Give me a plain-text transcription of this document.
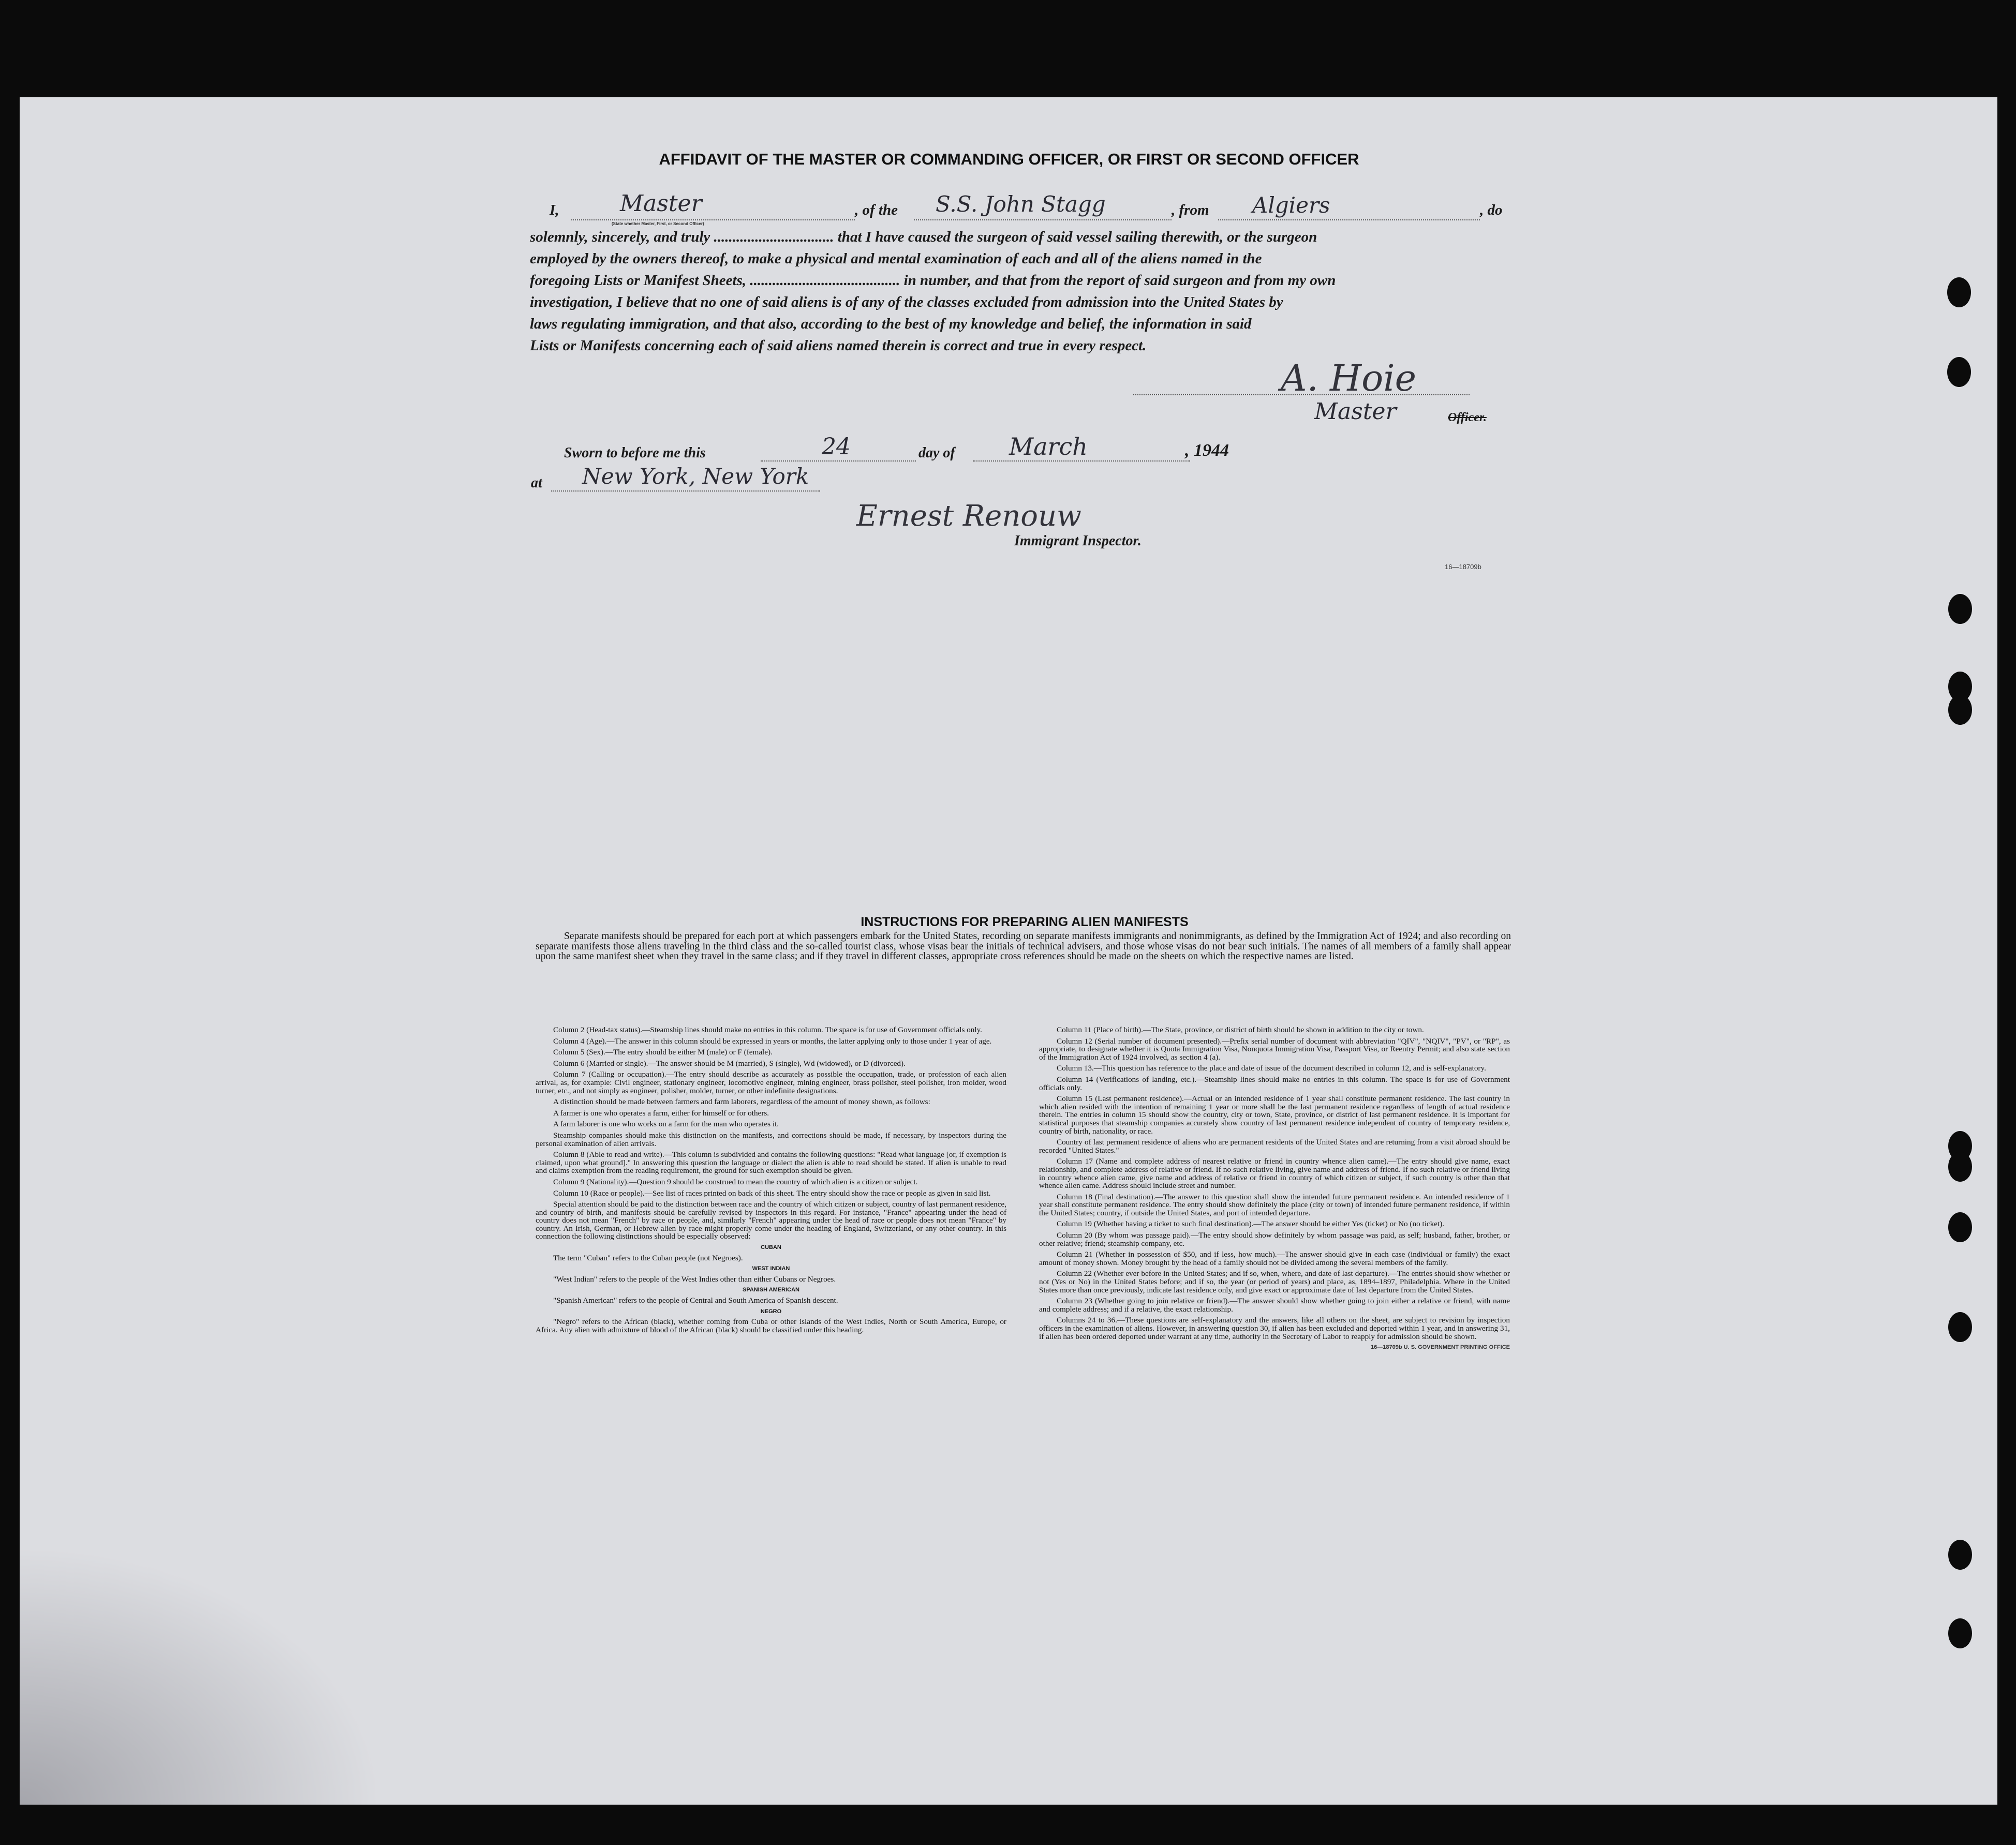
AFFIDAVIT OF THE MASTER OR COMMANDING OFFICER, OR FIRST OR SECOND OFFICER
I,	, of the	, from	, do
Master
(State whether Master, First, or Second Officer)
S.S. John Stagg	Algiers
solemnly, sincerely, and truly ................................ that I have caused the surgeon of said vessel sailing therewith, or the surgeon
employed by the owners thereof, to make a physical and mental examination of each and all of the aliens named in the
foregoing Lists or Manifest Sheets, ........................................ in number, and that from the report of said surgeon and from my own
investigation, I believe that no one of said aliens is of any of the classes excluded from admission into the United States by
laws regulating immigration, and that also, according to the best of my knowledge and belief, the information in said
Lists or Manifests concerning each of said aliens named therein is correct and true in every respect.
A. Hoie
Master	Officer.
Sworn to before me this	24	day of March	, 1944
at New York, New York
Ernest Renouw
Immigrant Inspector.
16—18709b
INSTRUCTIONS FOR PREPARING ALIEN MANIFESTS
Separate manifests should be prepared for each port at which passengers embark for the United States, recording on separate manifests immigrants and nonimmigrants, as defined by the Immigration Act of 1924; and also recording on separate manifests those aliens traveling in the third class and the so-called tourist class, whose visas bear the initials of technical advisers, and those whose visas do not bear such initials. The names of all members of a family shall appear upon the same manifest sheet when they travel in the same class; and if they travel in different classes, appropriate cross references should be made on the sheets on which the respective names are listed.

Column 2 (Head-tax status).—Steamship lines should make no entries in this column. The space is for use of Government officials only.

Column 4 (Age).—The answer in this column should be expressed in years or months, the latter applying only to those under 1 year of age.

Column 5 (Sex).—The entry should be either M (male) or F (female).

Column 6 (Married or single).—The answer should be M (married), S (single), Wd (widowed), or D (divorced).

Column 7 (Calling or occupation).—The entry should describe as accurately as possible the occupation, trade, or profession of each alien arrival, as, for example: Civil engineer, stationary engineer, locomotive engineer, mining engineer, brass polisher, steel polisher, iron molder, wood turner, etc., and not simply as engineer, polisher, molder, turner, or other indefinite designations.

A distinction should be made between farmers and farm laborers, regardless of the amount of money shown, as follows:

A farmer is one who operates a farm, either for himself or for others.

A farm laborer is one who works on a farm for the man who operates it.

Steamship companies should make this distinction on the manifests, and corrections should be made, if necessary, by inspectors during the personal examination of alien arrivals.

Column 8 (Able to read and write).—This column is subdivided and contains the following questions: "Read what language [or, if exemption is claimed, upon what ground]." In answering this question the language or dialect the alien is able to read should be stated. If alien is unable to read and claims exemption from the reading requirement, the ground for such exemption should be given.

Column 9 (Nationality).—Question 9 should be construed to mean the country of which alien is a citizen or subject.

Column 10 (Race or people).—See list of races printed on back of this sheet. The entry should show the race or people as given in said list.

Special attention should be paid to the distinction between race and the country of which citizen or subject, country of last permanent residence, and country of birth, and manifests should be carefully revised by inspectors in this regard. For instance, "France" appearing under the head of country does not mean "French" by race or people, and, similarly "French" appearing under the head of race or people does not mean "France" by country. An Irish, German, or Hebrew alien by race might properly come under the heading of England, Switzerland, or any other country. In this connection the following distinctions should be especially observed:

CUBAN

The term "Cuban" refers to the Cuban people (not Negroes).

WEST INDIAN

"West Indian" refers to the people of the West Indies other than either Cubans or Negroes.

SPANISH AMERICAN

"Spanish American" refers to the people of Central and South America of Spanish descent.

NEGRO

"Negro" refers to the African (black), whether coming from Cuba or other islands of the West Indies, North or South America, Europe, or Africa. Any alien with admixture of blood of the African (black) should be classified under this heading.

Column 11 (Place of birth).—The State, province, or district of birth should be shown in addition to the city or town.

Column 12 (Serial number of document presented).—Prefix serial number of document with abbreviation "QIV", "NQIV", "PV", or "RP", as appropriate, to designate whether it is Quota Immigration Visa, Nonquota Immigration Visa, Passport Visa, or Reentry Permit; and also state section of the Immigration Act of 1924 involved, as section 4 (a).

Column 13.—This question has reference to the place and date of issue of the document described in column 12, and is self-explanatory.

Column 14 (Verifications of landing, etc.).—Steamship lines should make no entries in this column. The space is for use of Government officials only.

Column 15 (Last permanent residence).—Actual or an intended residence of 1 year shall constitute permanent residence. The last country in which alien resided with the intention of remaining 1 year or more shall be the last permanent residence regardless of length of actual residence therein. The entries in column 15 should show the country, city or town, State, province, or district of last permanent residence. It is important for statistical purposes that steamship companies accurately show country of last permanent residence independent of country of temporary residence, country of birth, nationality, or race.

Country of last permanent residence of aliens who are permanent residents of the United States and are returning from a visit abroad should be recorded "United States."

Column 17 (Name and complete address of nearest relative or friend in country whence alien came).—The entry should give name, exact relationship, and complete address of relative or friend. If no such relative living, give name and address of friend. If no such relative or friend living in country whence alien came, give name and address of relative or friend in country of which citizen or subject, if such country is other than that whence alien came. Address should include street and number.

Column 18 (Final destination).—The answer to this question shall show the intended future permanent residence. An intended residence of 1 year shall constitute permanent residence. The entry should show definitely the place (city or town) of intended future permanent residence, if within the United States; country, if outside the United States, and port of intended departure.

Column 19 (Whether having a ticket to such final destination).—The answer should be either Yes (ticket) or No (no ticket).

Column 20 (By whom was passage paid).—The entry should show definitely by whom passage was paid, as self; husband, father, brother, or other relative; friend; steamship company, etc.

Column 21 (Whether in possession of $50, and if less, how much).—The answer should give in each case (individual or family) the exact amount of money shown. Money brought by the head of a family should not be divided among the several members of the family.

Column 22 (Whether ever before in the United States; and if so, when, where, and date of last departure).—The entries should show whether or not (Yes or No) in the United States before; and if so, the year (or period of years) and place, as, 1894–1897, Philadelphia. Where in the United States more than once previously, indicate last residence only, and give exact or approximate date of last departure from the United States.

Column 23 (Whether going to join relative or friend).—The answer should show whether going to join either a relative or friend, with name and complete address; and if a relative, the exact relationship.

Columns 24 to 36.—These questions are self-explanatory and the answers, like all others on the sheet, are subject to revision by inspection officers in the examination of aliens. However, in answering question 30, if alien has been excluded and deported within 1 year, and in answering 31, if alien has been ordered deported under warrant at any time, authority in the Secretary of Labor to reapply for admission should be shown.

16—18709b U. S. GOVERNMENT PRINTING OFFICE
